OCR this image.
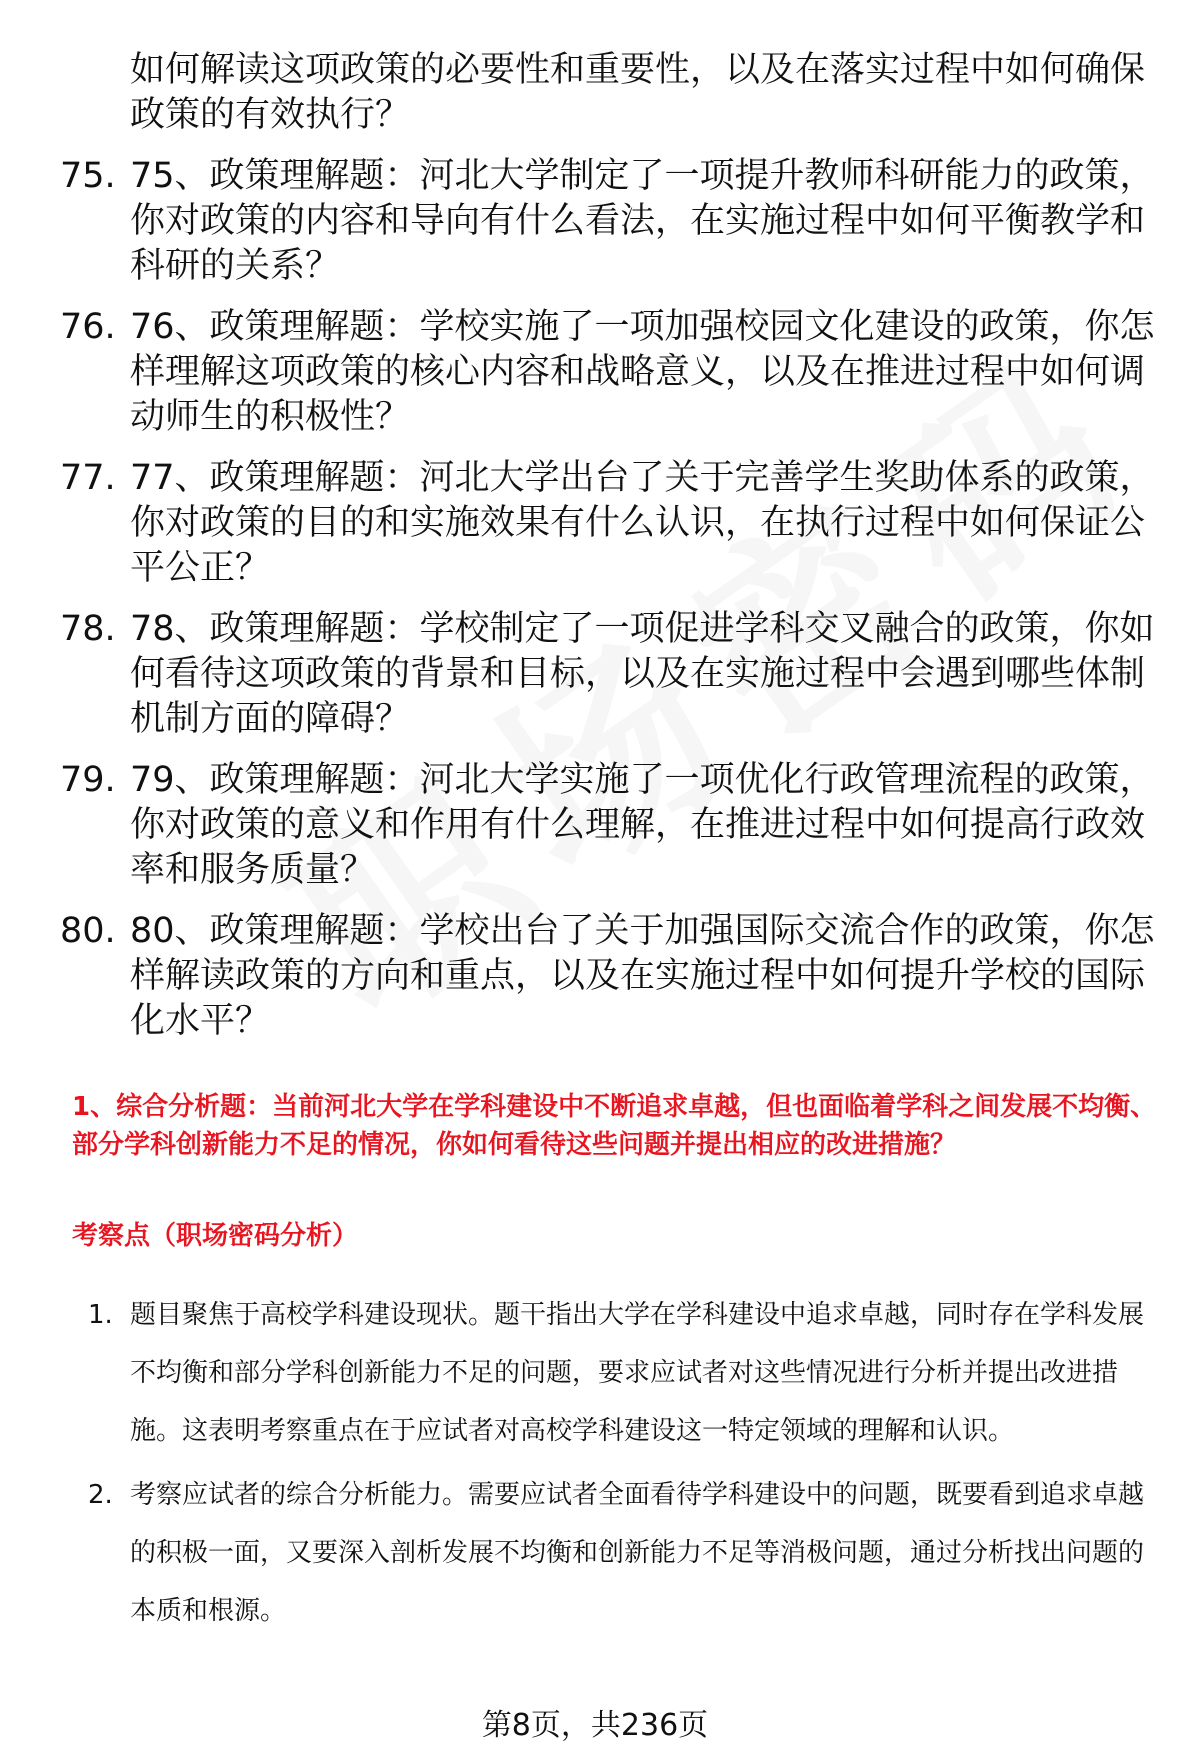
如何解读这项政策的必要性和重要性，以及在落实过程中如何确保政策的有效执行？
75. 75、政策理解题：河北大学制定了一项提升教师科研能力的政策，你对政策的内容和导向有什么看法，在实施过程中如何平衡教学和科研的关系？
76. 76、政策理解题：学校实施了一项加强校园文化建设的政策，你怎样理解这项政策的核心内容和战略意义，以及在推进过程中如何调动师生的积极性？
77. 77、政策理解题：河北大学出台了关于完善学生奖助体系的政策，你对政策的目的和实施效果有什么认识，在执行过程中如何保证公平公正？
78. 78、政策理解题：学校制定了一项促进学科交叉融合的政策，你如何看待这项政策的背景和目标，以及在实施过程中会遇到哪些体制机制方面的障碍？
79. 79、政策理解题：河北大学实施了一项优化行政管理流程的政策，你对政策的意义和作用有什么理解，在推进过程中如何提高行政效率和服务质量？
80. 80、政策理解题：学校出台了关于加强国际交流合作的政策，你怎样解读政策的方向和重点，以及在实施过程中如何提升学校的国际化水平？
1、综合分析题：当前河北大学在学科建设中不断追求卓越，但也面临着学科之间发展不均衡、部分学科创新能力不足的情况，你如何看待这些问题并提出相应的改进措施？
考察点（职场密码分析）
1. 题目聚焦于高校学科建设现状。题干指出大学在学科建设中追求卓越，同时存在学科发展不均衡和部分学科创新能力不足的问题，要求应试者对这些情况进行分析并提出改进措施。这表明考察重点在于应试者对高校学科建设这一特定领域的理解和认识。
2. 考察应试者的综合分析能力。需要应试者全面看待学科建设中的问题，既要看到追求卓越的积极一面，又要深入剖析发展不均衡和创新能力不足等消极问题，通过分析找出问题的本质和根源。
第8页，共236页
